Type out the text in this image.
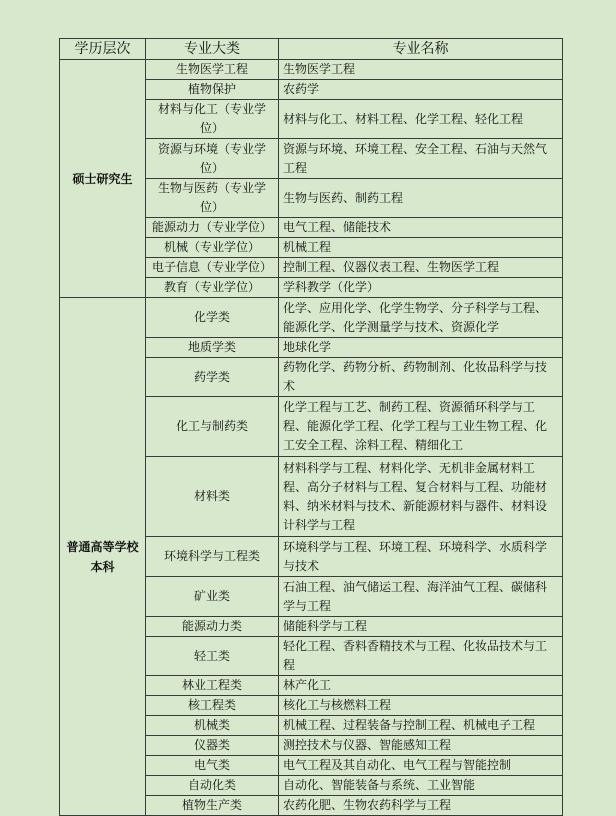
学历层次	专业大类	专业名称
硕士研究生	生物医学工程	生物医学工程
	植物保护	农药学
	材料与化工（专业学位）	材料与化工、材料工程、化学工程、轻化工程
	资源与环境（专业学位）	资源与环境、环境工程、安全工程、石油与天然气工程
	生物与医药（专业学位）	生物与医药、制药工程
	能源动力（专业学位）	电气工程、储能技术
	机械（专业学位）	机械工程
	电子信息（专业学位）	控制工程、仪器仪表工程、生物医学工程
	教育（专业学位）	学科教学（化学）
普通高等学校本科	化学类	化学、应用化学、化学生物学、分子科学与工程、能源化学、化学测量学与技术、资源化学
	地质学类	地球化学
	药学类	药物化学、药物分析、药物制剂、化妆品科学与技术
	化工与制药类	化学工程与工艺、制药工程、资源循环科学与工程、能源化学工程、化学工程与工业生物工程、化工安全工程、涂料工程、精细化工
	材料类	材料科学与工程、材料化学、无机非金属材料工程、高分子材料与工程、复合材料与工程、功能材料、纳米材料与技术、新能源材料与器件、材料设计科学与工程
	环境科学与工程类	环境科学与工程、环境工程、环境科学、水质科学与技术
	矿业类	石油工程、油气储运工程、海洋油气工程、碳储科学与工程
	能源动力类	储能科学与工程
	轻工类	轻化工程、香料香精技术与工程、化妆品技术与工程
	林业工程类	林产化工
	核工程类	核化工与核燃料工程
	机械类	机械工程、过程装备与控制工程、机械电子工程
	仪器类	测控技术与仪器、智能感知工程
	电气类	电气工程及其自动化、电气工程与智能控制
	自动化类	自动化、智能装备与系统、工业智能
	植物生产类	农药化肥、生物农药科学与工程
